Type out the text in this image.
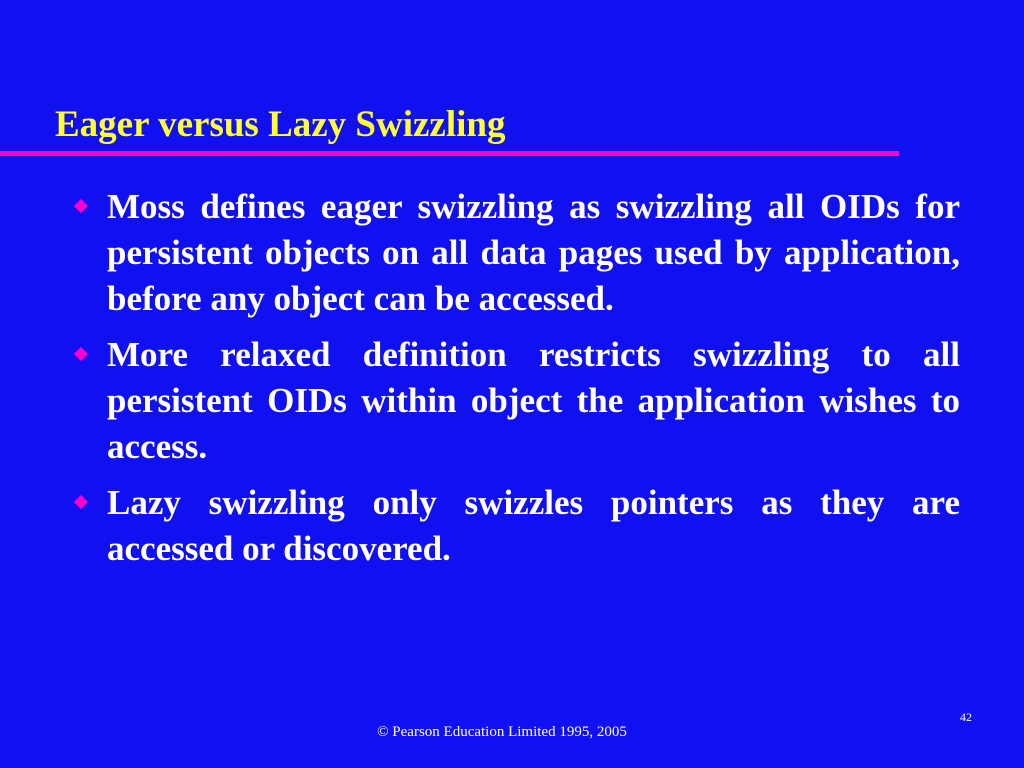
Eager versus Lazy Swizzling
Moss defines eager swizzling as swizzling all OIDs for persistent objects on all data pages used by application, before any object can be accessed.
More relaxed definition restricts swizzling to all persistent OIDs within object the application wishes to access.
Lazy swizzling only swizzles pointers as they are accessed or discovered.
42
© Pearson Education Limited 1995, 2005
